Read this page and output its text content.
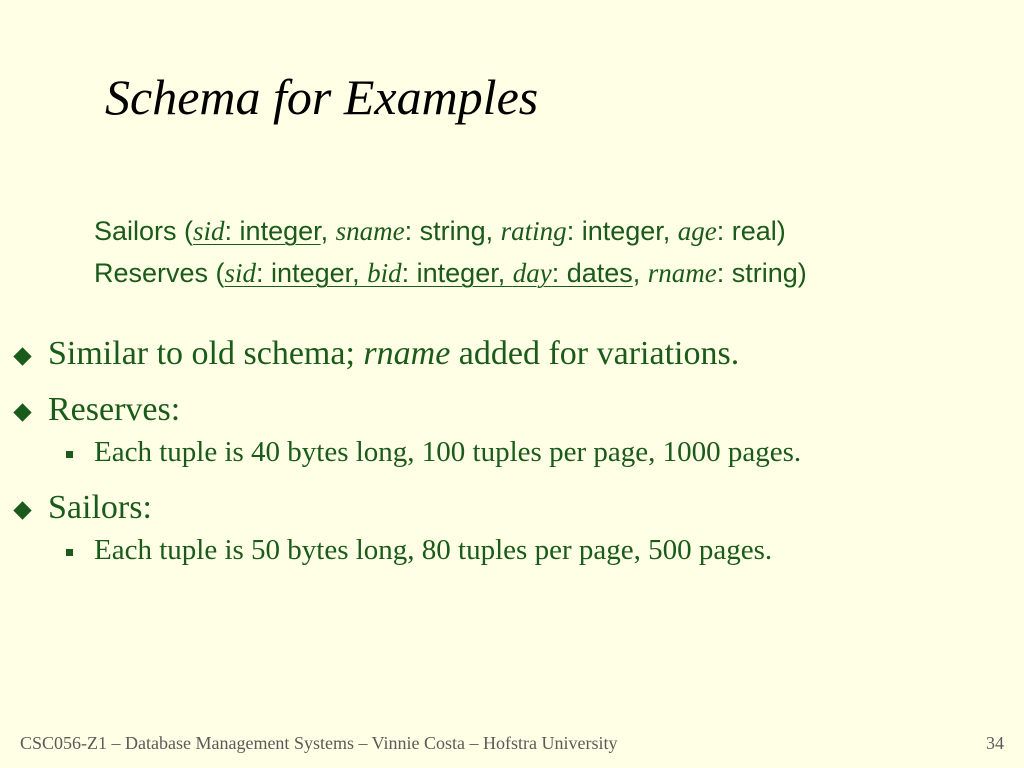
Schema for Examples
Sailors (sid: integer, sname: string, rating: integer, age: real)
Reserves (sid: integer, bid: integer, day: dates, rname: string)
Similar to old schema; rname added for variations.
Reserves:
Each tuple is 40 bytes long, 100 tuples per page, 1000 pages.
Sailors:
Each tuple is 50 bytes long, 80 tuples per page, 500 pages.
CSC056-Z1 – Database Management Systems – Vinnie Costa – Hofstra University	34
